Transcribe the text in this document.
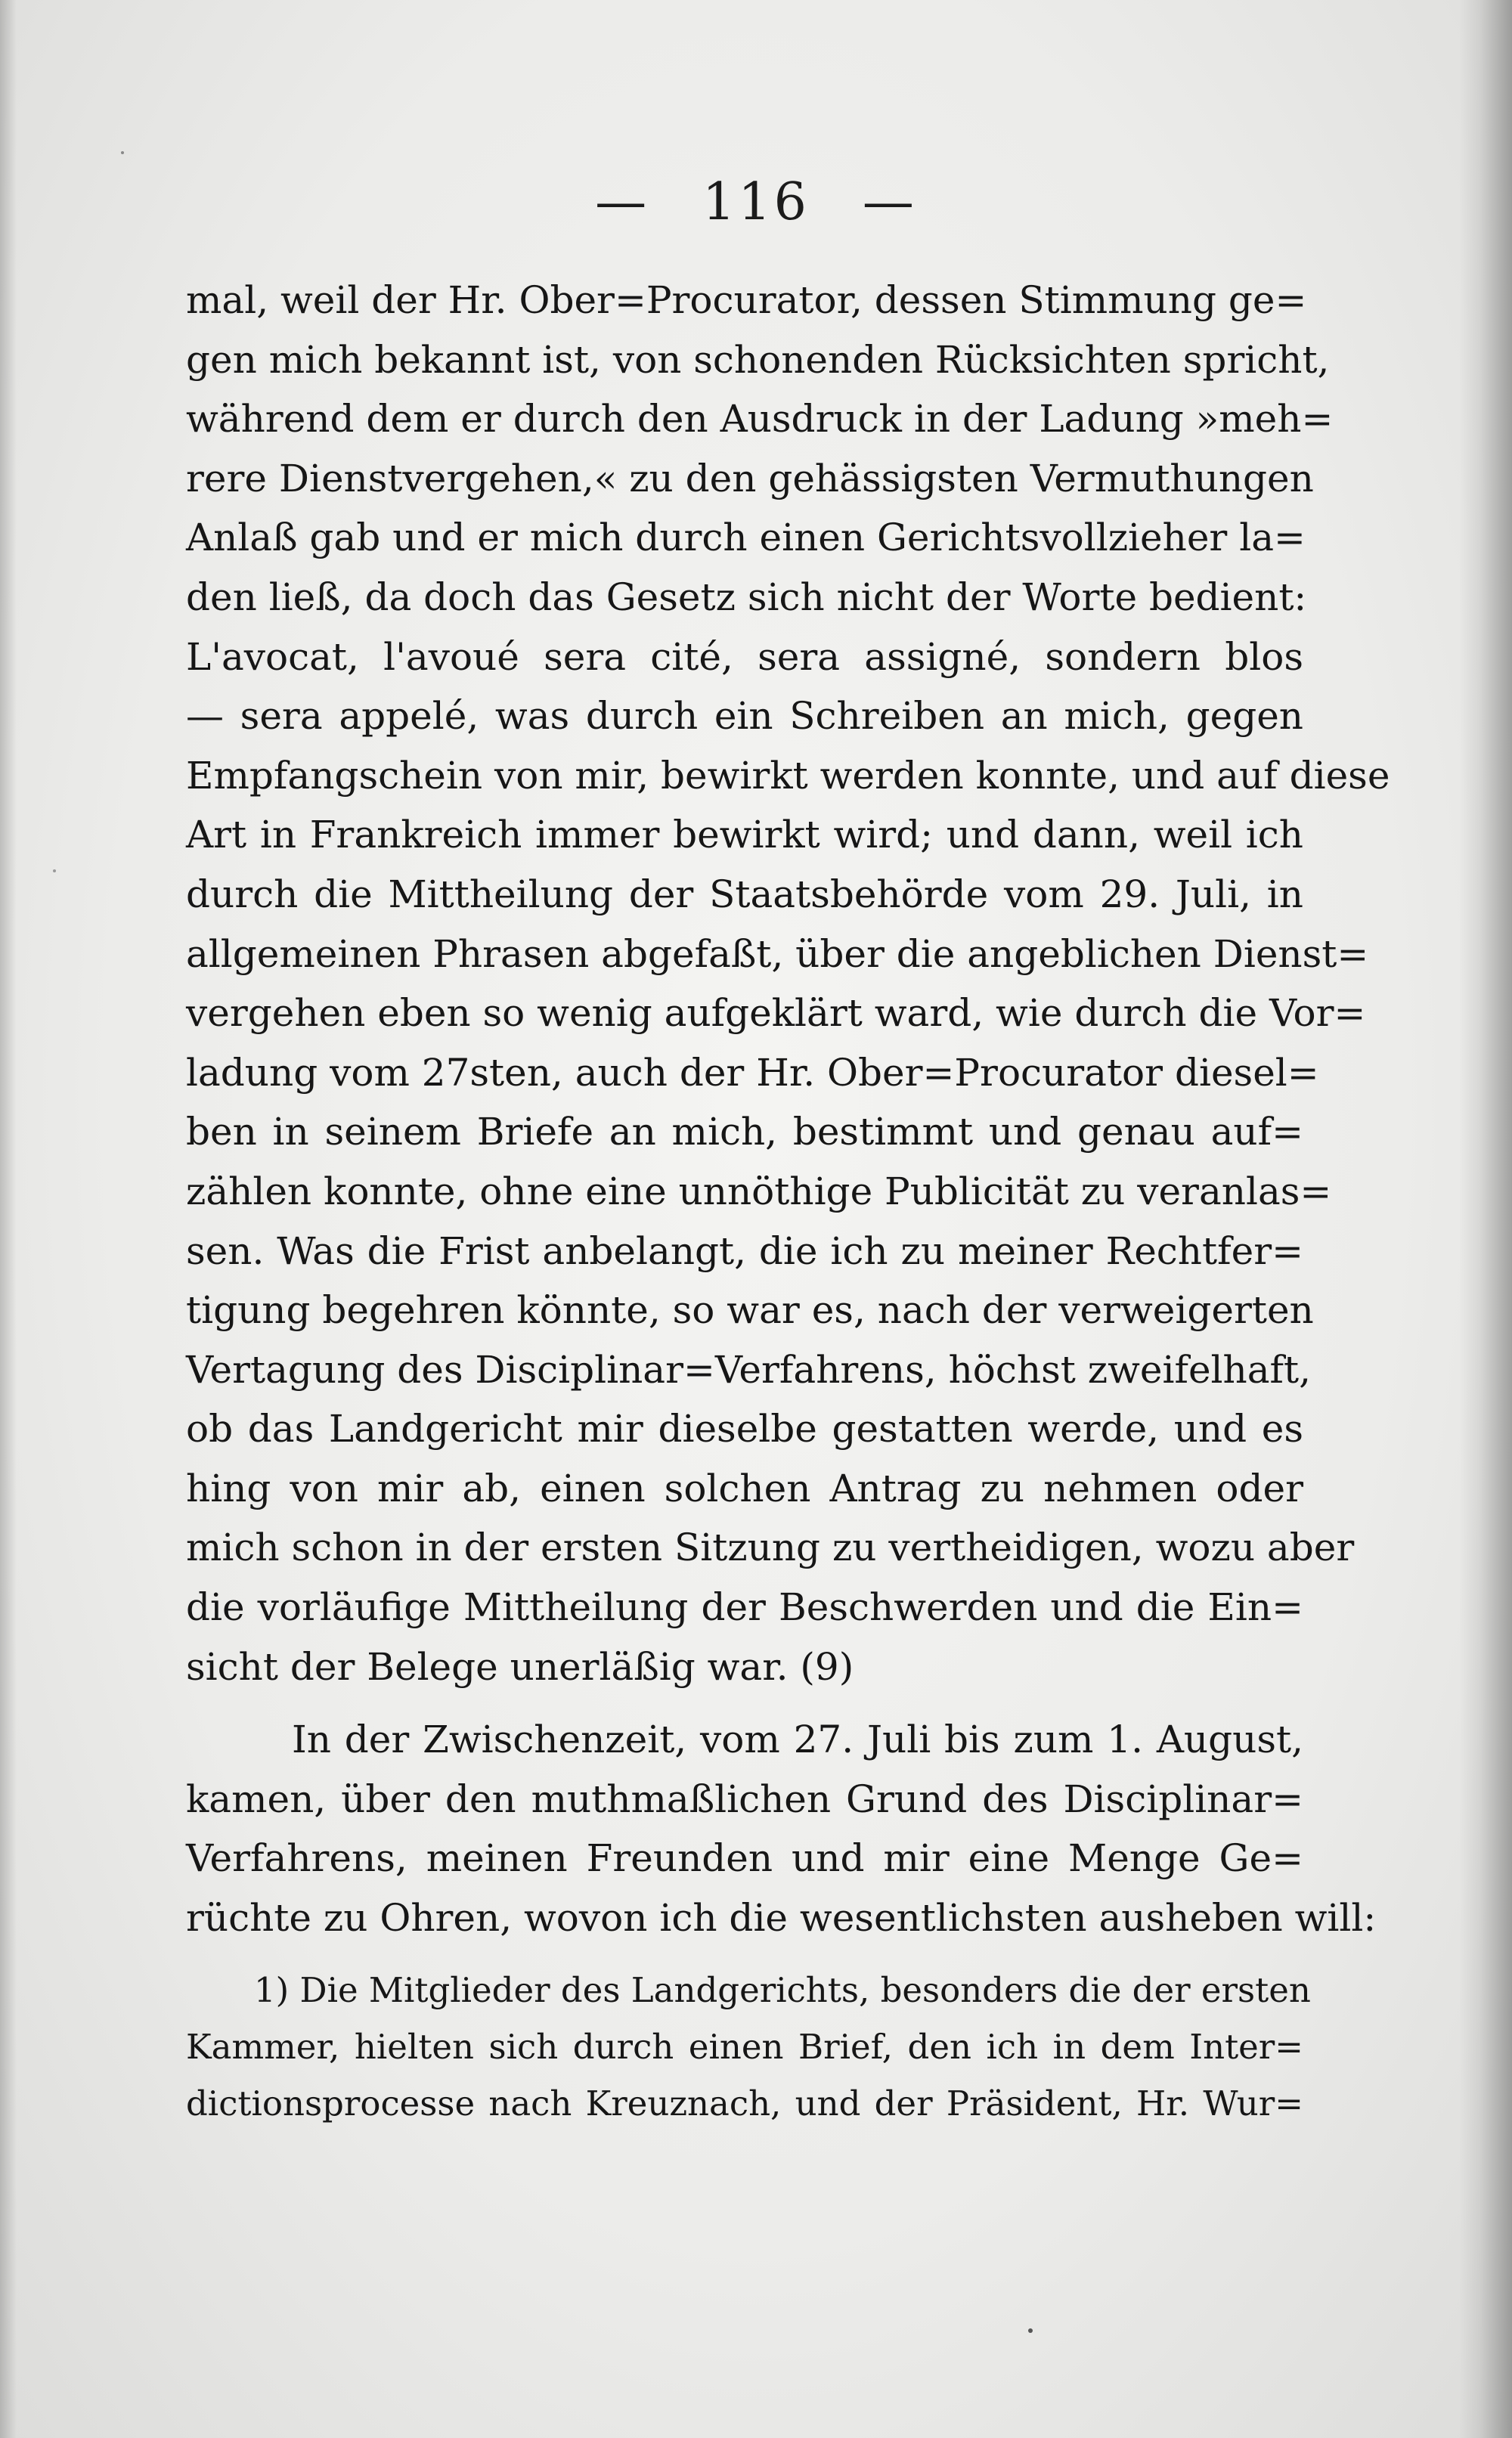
— 116 —
mal, weil der Hr. Ober=Procurator, dessen Stimmung ge=
gen mich bekannt ist, von schonenden Rücksichten spricht,
während dem er durch den Ausdruck in der Ladung »meh=
rere Dienstvergehen,« zu den gehässigsten Vermuthungen
Anlaß gab und er mich durch einen Gerichtsvollzieher la=
den ließ, da doch das Gesetz sich nicht der Worte bedient:
L'avocat, l'avoué sera cité, sera assigné, sondern blos
— sera appelé, was durch ein Schreiben an mich, gegen
Empfangschein von mir, bewirkt werden konnte, und auf diese
Art in Frankreich immer bewirkt wird; und dann, weil ich
durch die Mittheilung der Staatsbehörde vom 29. Juli, in
allgemeinen Phrasen abgefaßt, über die angeblichen Dienst=
vergehen eben so wenig aufgeklärt ward, wie durch die Vor=
ladung vom 27sten, auch der Hr. Ober=Procurator diesel=
ben in seinem Briefe an mich, bestimmt und genau auf=
zählen konnte, ohne eine unnöthige Publicität zu veranlas=
sen. Was die Frist anbelangt, die ich zu meiner Rechtfer=
tigung begehren könnte, so war es, nach der verweigerten
Vertagung des Disciplinar=Verfahrens, höchst zweifelhaft,
ob das Landgericht mir dieselbe gestatten werde, und es
hing von mir ab, einen solchen Antrag zu nehmen oder
mich schon in der ersten Sitzung zu vertheidigen, wozu aber
die vorläufige Mittheilung der Beschwerden und die Ein=
sicht der Belege unerläßig war. (9)
In der Zwischenzeit, vom 27. Juli bis zum 1. August,
kamen, über den muthmaßlichen Grund des Disciplinar=
Verfahrens, meinen Freunden und mir eine Menge Ge=
rüchte zu Ohren, wovon ich die wesentlichsten ausheben will:
1) Die Mitglieder des Landgerichts, besonders die der ersten
Kammer, hielten sich durch einen Brief, den ich in dem Inter=
dictionsprocesse nach Kreuznach, und der Präsident, Hr. Wur=
